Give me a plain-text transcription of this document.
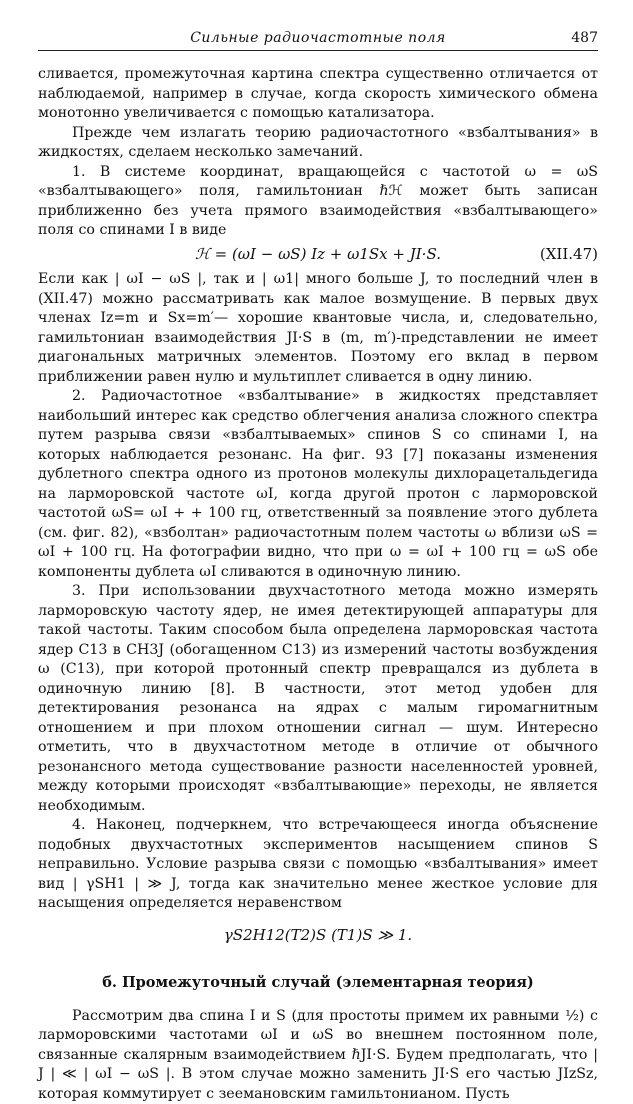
Сильные радиочастотные поля	487

сливается, промежуточная картина спектра существенно отличается от наблюдаемой, например в случае, когда скорость химического обмена монотонно увеличивается с помощью катализатора.

Прежде чем излагать теорию радиочастотного «взбалтывания» в жидкостях, сделаем несколько замечаний.

1. В системе координат, вращающейся с частотой ω = ωS «взбалтывающего» поля, гамильтониан ℏℋ может быть записан приближенно без учета прямого взаимодействия «взбалтывающего» поля со спинами I в виде

ℋ = (ωI − ωS) Iz + ω1Sx + JI·S.	(XII.47)

Если как | ωI − ωS |, так и | ω1| много больше J, то последний член в (XII.47) можно рассматривать как малое возмущение. В первых двух членах Iz=m и Sx=m′— хорошие квантовые числа, и, следовательно, гамильтониан взаимодействия JI·S в (m, m′)-представлении не имеет диагональных матричных элементов. Поэтому его вклад в первом приближении равен нулю и мультиплет сливается в одну линию.

2. Радиочастотное «взбалтывание» в жидкостях представляет наибольший интерес как средство облегчения анализа сложного спектра путем разрыва связи «взбалтываемых» спинов S со спинами I, на которых наблюдается резонанс. На фиг. 93 [7] показаны изменения дублетного спектра одного из протонов молекулы дихлорацетальдегида на ларморовской частоте ωI, когда другой протон с ларморовской частотой ωS= ωI + + 100 гц, ответственный за появление этого дублета (см. фиг. 82), «взболтан» радиочастотным полем частоты ω вблизи ωS = ωI + 100 гц. На фотографии видно, что при ω = ωI + 100 гц = ωS обе компоненты дублета ωI сливаются в одиночную линию.

3. При использовании двухчастотного метода можно измерять ларморовскую частоту ядер, не имея детектирующей аппаратуры для такой частоты. Таким способом была определена ларморовская частота ядер C13 в CH3J (обогащенном C13) из измерений частоты возбуждения ω (C13), при которой протонный спектр превращался из дублета в одиночную линию [8]. В частности, этот метод удобен для детектирования резонанса на ядрах с малым гиромагнитным отношением и при плохом отношении сигнал — шум. Интересно отметить, что в двухчастотном методе в отличие от обычного резонансного метода существование разности населенностей уровней, между которыми происходят «взбалтывающие» переходы, не является необходимым.

4. Наконец, подчеркнем, что встречающееся иногда объяснение подобных двухчастотных экспериментов насыщением спинов S неправильно. Условие разрыва связи с помощью «взбалтывания» имеет вид | γSH1 | ≫ J, тогда как значительно менее жесткое условие для насыщения определяется неравенством

γS2H12(T2)S (T1)S ≫ 1.
б. Промежуточный случай (элементарная теория)

Рассмотрим два спина I и S (для простоты примем их равными ½) с ларморовскими частотами ωI и ωS во внешнем постоянном поле, связанные скалярным взаимодействием ℏJI·S. Будем предполагать, что | J | ≪ | ωI − ωS |. В этом случае можно заменить JI·S его частью JIzSz, которая коммутирует с зеемановским гамильтонианом. Пусть
